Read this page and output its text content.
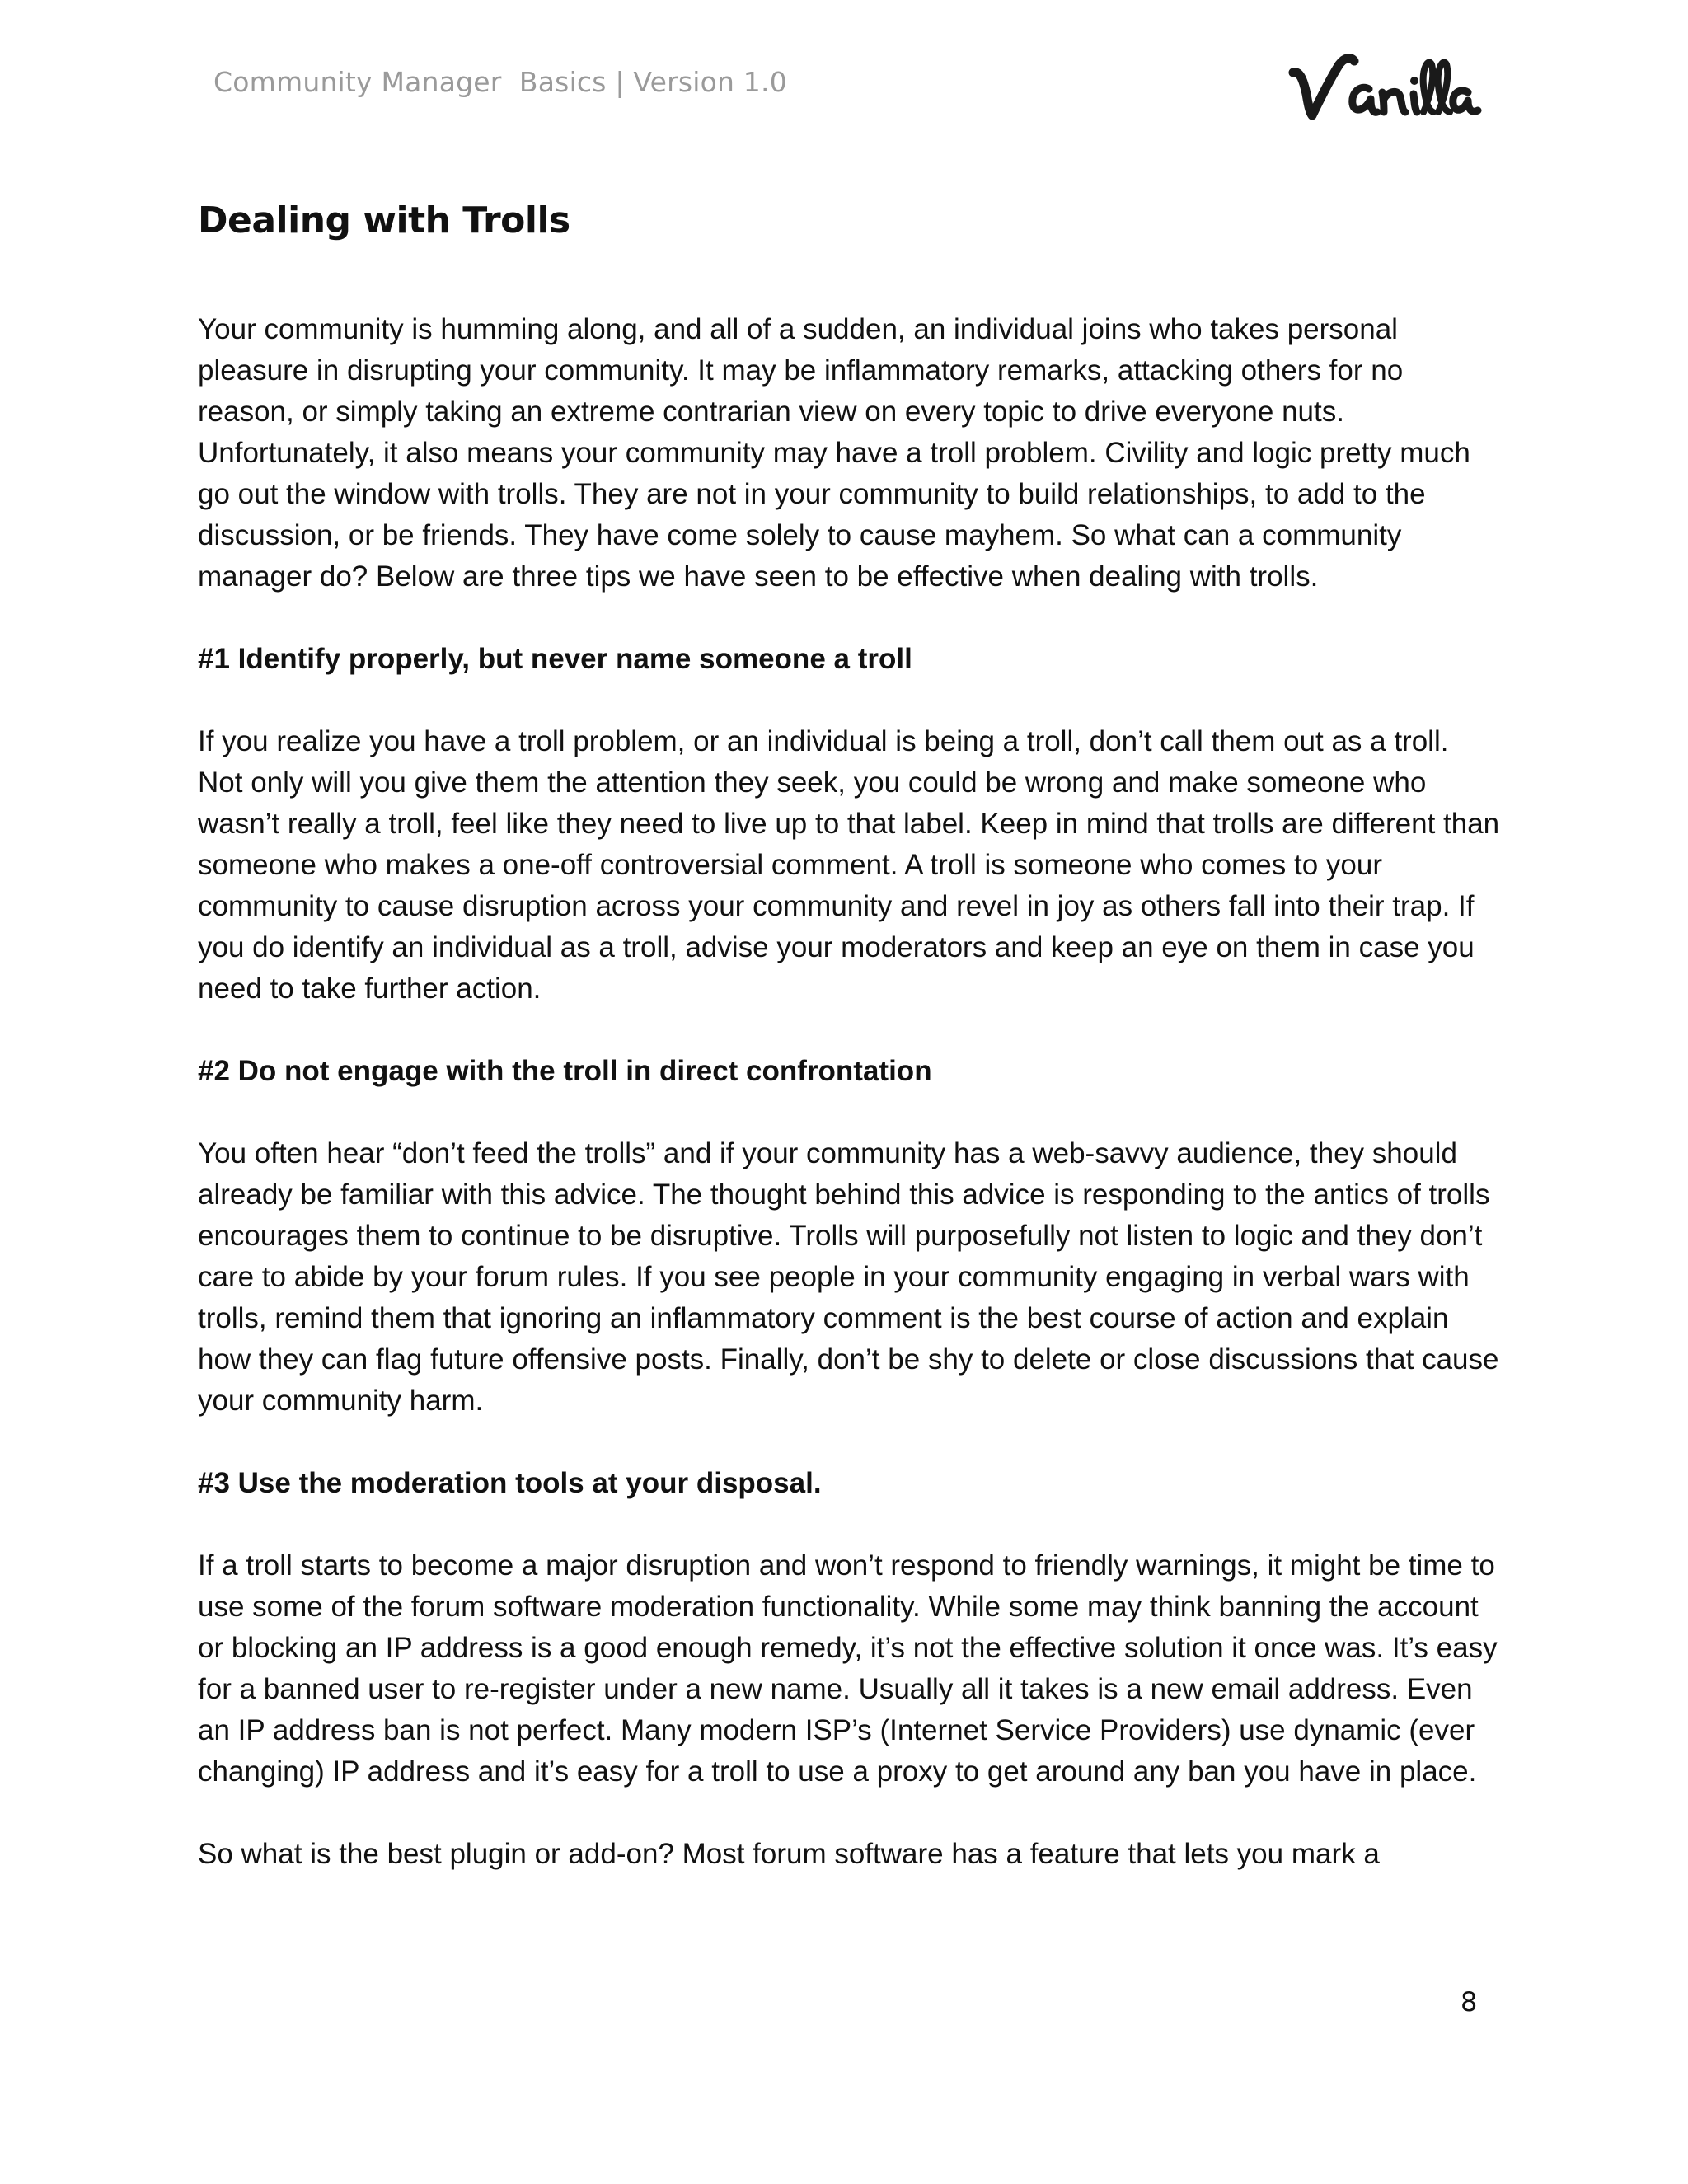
Community Manager  Basics | Version 1.0
Dealing with Trolls

Your community is humming along, and all of a sudden, an individual joins who takes personal pleasure in disrupting your community. It may be inflammatory remarks, attacking others for no reason, or simply taking an extreme contrarian view on every topic to drive everyone nuts. Unfortunately, it also means your community may have a troll problem. Civility and logic pretty much go out the window with trolls. They are not in your community to build relationships, to add to the discussion, or be friends. They have come solely to cause mayhem. So what can a community manager do? Below are three tips we have seen to be effective when dealing with trolls.

#1 Identify properly, but never name someone a troll

If you realize you have a troll problem, or an individual is being a troll, don’t call them out as a troll. Not only will you give them the attention they seek, you could be wrong and make someone who wasn’t really a troll, feel like they need to live up to that label. Keep in mind that trolls are different than someone who makes a one-off controversial comment. A troll is someone who comes to your community to cause disruption across your community and revel in joy as others fall into their trap. If you do identify an individual as a troll, advise your moderators and keep an eye on them in case you need to take further action.

#2 Do not engage with the troll in direct confrontation

You often hear “don’t feed the trolls” and if your community has a web-savvy audience, they should already be familiar with this advice. The thought behind this advice is responding to the antics of trolls encourages them to continue to be disruptive. Trolls will purposefully not listen to logic and they don’t care to abide by your forum rules. If you see people in your community engaging in verbal wars with trolls, remind them that ignoring an inflammatory comment is the best course of action and explain how they can flag future offensive posts. Finally, don’t be shy to delete or close discussions that cause your community harm.

#3 Use the moderation tools at your disposal.

If a troll starts to become a major disruption and won’t respond to friendly warnings, it might be time to use some of the forum software moderation functionality. While some may think banning the account or blocking an IP address is a good enough remedy, it’s not the effective solution it once was. It’s easy for a banned user to re-register under a new name. Usually all it takes is a new email address. Even an IP address ban is not perfect. Many modern ISP’s (Internet Service Providers) use dynamic (ever changing) IP address and it’s easy for a troll to use a proxy to get around any ban you have in place.

So what is the best plugin or add-on? Most forum software has a feature that lets you mark a

8
